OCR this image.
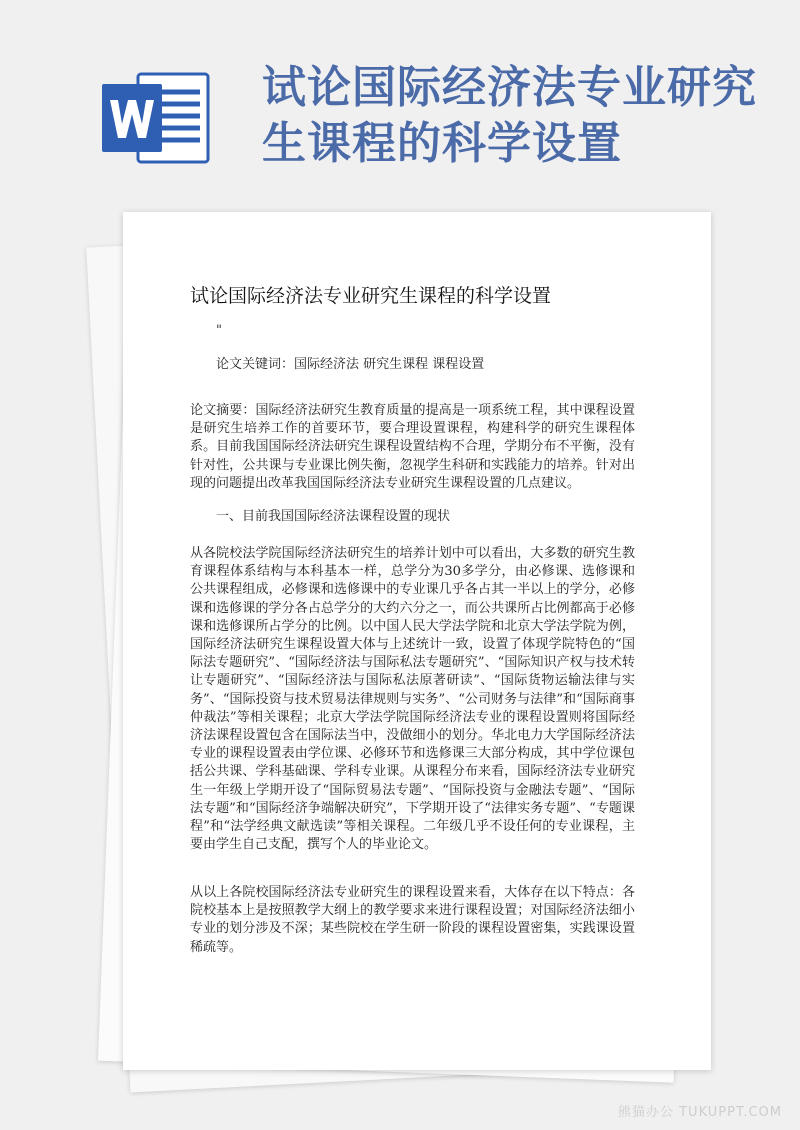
试论国际经济法专业研究生课程的科学设置
试论国际经济法专业研究生课程的科学设置
"
论文关键词：国际经济法 研究生课程 课程设置

论文摘要：国际经济法研究生教育质量的提高是一项系统工程，其中课程设置是研究生培养工作的首要环节，要合理设置课程，构建科学的研究生课程体系。目前我国国际经济法研究生课程设置结构不合理，学期分布不平衡，没有针对性，公共课与专业课比例失衡，忽视学生科研和实践能力的培养。针对出现的问题提出改革我国国际经济法专业研究生课程设置的几点建议。

一、目前我国国际经济法课程设置的现状

从各院校法学院国际经济法研究生的培养计划中可以看出，大多数的研究生教育课程体系结构与本科基本一样，总学分为30多学分，由必修课、选修课和公共课程组成，必修课和选修课中的专业课几乎各占其一半以上的学分，必修课和选修课的学分各占总学分的大约六分之一，而公共课所占比例都高于必修课和选修课所占学分的比例。以中国人民大学法学院和北京大学法学院为例，国际经济法研究生课程设置大体与上述统计一致，设置了体现学院特色的“国际法专题研究”、“国际经济法与国际私法专题研究”、“国际知识产权与技术转让专题研究”、“国际经济法与国际私法原著研读”、“国际货物运输法律与实务”、“国际投资与技术贸易法律规则与实务”、“公司财务与法律”和“国际商事仲裁法”等相关课程；北京大学法学院国际经济法专业的课程设置则将国际经济法课程设置包含在国际法当中，没做细小的划分。华北电力大学国际经济法专业的课程设置表由学位课、必修环节和选修课三大部分构成，其中学位课包括公共课、学科基础课、学科专业课。从课程分布来看，国际经济法专业研究生一年级上学期开设了“国际贸易法专题”、“国际投资与金融法专题”、“国际法专题”和“国际经济争端解决研究”，下学期开设了“法律实务专题”、“专题课程”和“法学经典文献选读”等相关课程。二年级几乎不设任何的专业课程，主要由学生自己支配，撰写个人的毕业论文。

从以上各院校国际经济法专业研究生的课程设置来看，大体存在以下特点：各院校基本上是按照教学大纲上的教学要求来进行课程设置；对国际经济法细小专业的划分涉及不深；某些院校在学生研一阶段的课程设置密集，实践课设置稀疏等。

熊猫办公 TUKUPPT.COM
